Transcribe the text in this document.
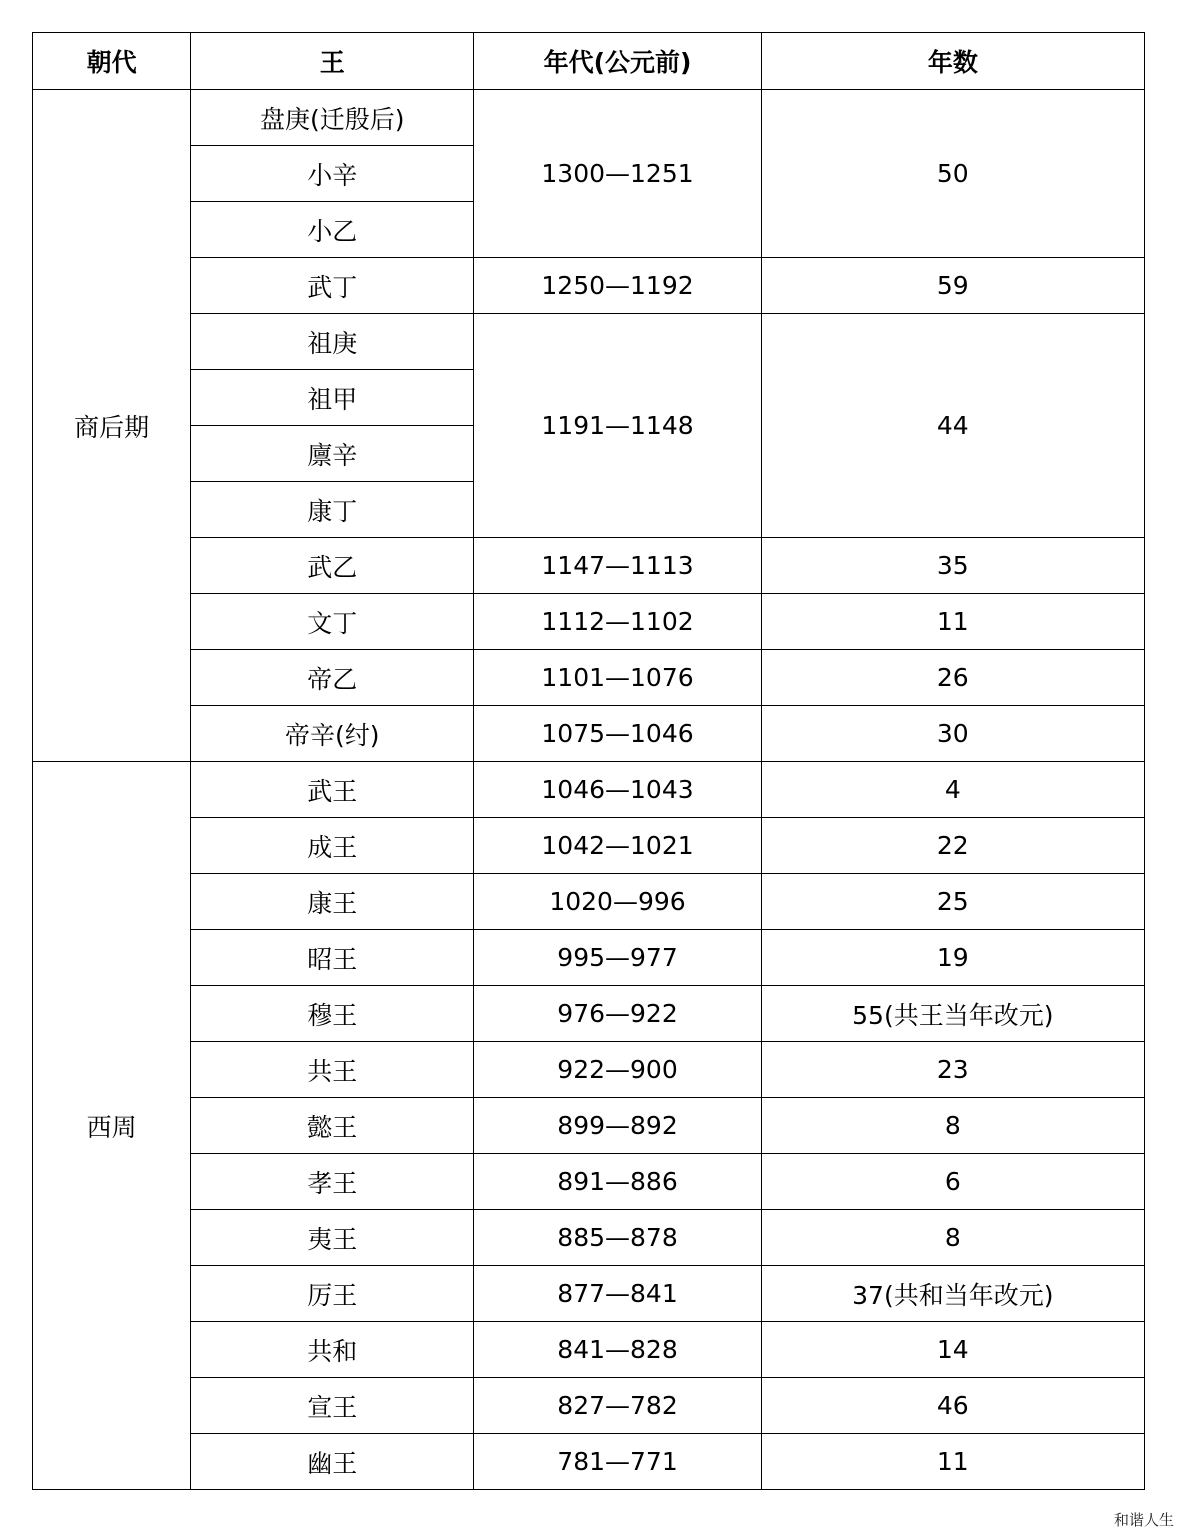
朝代	王	年代(公元前)	年数
商后期	盘庚(迁殷后)	1300—1251	50
	小辛		
	小乙		
	武丁	1250—1192	59
	祖庚	1191—1148	44
	祖甲		
	廪辛		
	康丁		
	武乙	1147—1113	35
	文丁	1112—1102	11
	帝乙	1101—1076	26
	帝辛(纣)	1075—1046	30
西周	武王	1046—1043	4
	成王	1042—1021	22
	康王	1020—996	25
	昭王	995—977	19
	穆王	976—922	55(共王当年改元)
	共王	922—900	23
	懿王	899—892	8
	孝王	891—886	6
	夷王	885—878	8
	厉王	877—841	37(共和当年改元)
	共和	841—828	14
	宣王	827—782	46
	幽王	781—771	11
和谐人生
